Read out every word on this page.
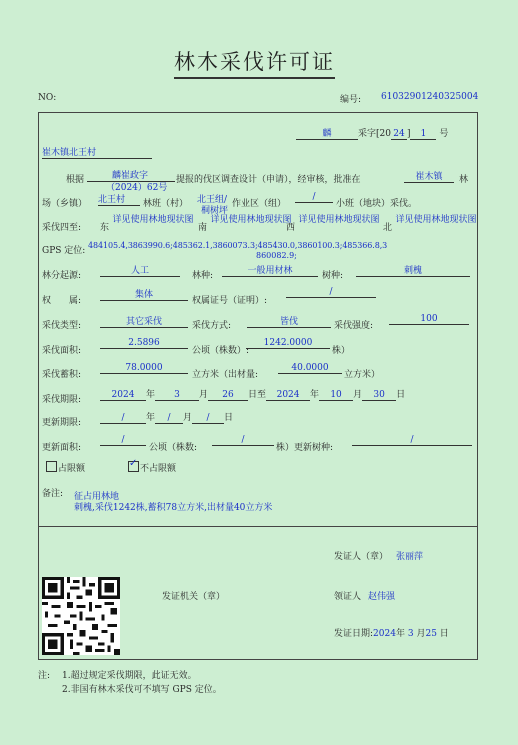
林木采伐许可证
NO:	编号: 61032901240325004
麟	采字[20 24 ] 1 号
崔木镇北王村
根据	麟崔政字
（2024）62号
提报的伐区调查设计（申请），经审核，批准在	崔木镇	林
场（乡镇） 北王村	林班（村） 北王组/
桐树坪
作业区（组）
/
小班（地块）采伐。
采伐四至: 东
详见使用林地现状图
南
详见使用林地现状图
西
详见使用林地现状图
北
详见使用林地现状图
GPS 定位:
484105.4,3863990.6;485362.1,3860073.3;485430.0,3860100.3;485366.8,3
860082.9;
林分起源:	人工	林种:	一般用材林	树种:	刺槐
权　　属:
集体
权属证号（证明）:
/
采伐类型:	其它采伐	采伐方式:	皆伐	采伐强度:
100
采伐面积:
2.5896
公顷（株数）:
1242.0000
株）
采伐蓄积:
78.0000
立方米（出材量:
40.0000
立方米）
采伐期限:	2024 年 3 月 26 日至 2024 年 10 月 30 日
更新期限:	/ 年 / 月 / 日
更新面积:
/
公顷（株数:
/
株）更新树种:
/
占限额	✓ 不占限额
备注: 征占用林地
刺槐,采伐1242株,蓄积78立方米,出材量40立方米
发证人（章） 张丽萍
发证机关（章）	领证人 赵伟强
发证日期:2024年 3 月25 日
注: 1.超过规定采伐期限，此证无效。
2.非国有林木采伐可不填写 GPS 定位。
